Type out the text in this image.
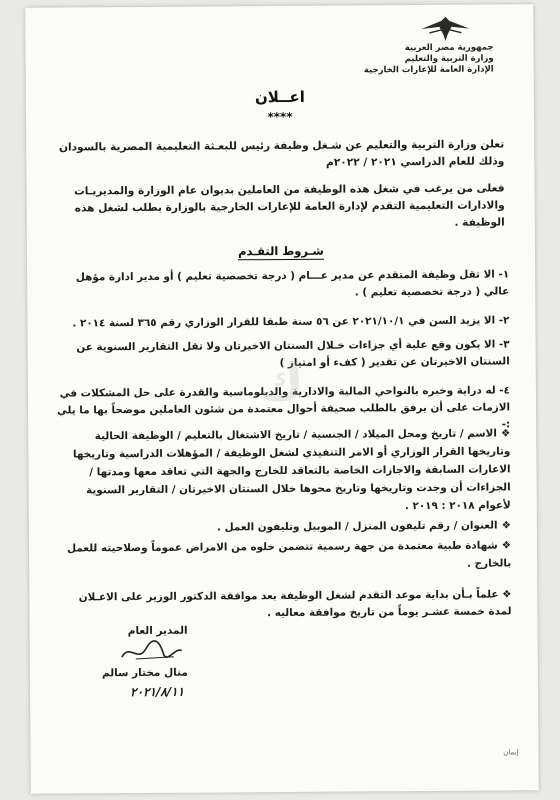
جمهورية مصر العربية
وزارة التربية والتعليم
الإدارة العامة للإعارات الخارجية
اعــلان
****
تعلن وزارة التربية والتعليم عن شـغل وظيفة رئيس للبعـثة التعليمية المصرية بالسودان وذلك للعام الدراسي ٢٠٢١ / ٢٠٢٢م
فعلى من يرغب في شغل هذه الوظيفة من العاملين بديوان عام الوزارة والمديريـات والادارات التعليمية التقدم لإدارة العامة للإعارات الخارجية بالوزارة بطلب لشغل هذه الوظيفة .
شـروط التقـدم
١- الا تقل وظيفة المتقدم عن مدير عـــام ( درجة تخصصية تعليم ) أو مدير ادارة مؤهل عالي ( درجة تخصصية تعليم ) .
٢- الا يزيد السن في ٢٠٢١/١٠/١ عن ٥٦ سنة طبقا للقرار الوزاري رقم ٣٦٥ لسنة ٢٠١٤ .
٣- الا يكون وقع علية أي جزاءات خـلال السنتان الاخيرتان ولا تقل التقارير السنوية عن السنتان الاخيرتان عن تقدير ( كفء أو امتياز )
٤- له دراية وخبره بالنواحي المالية والادارية والدبلوماسية والقدرة على حل المشكلات في الازمات على أن يرفق بالطلب صحيفة أحوال معتمدة من شئون العاملين موضحاً بها ما يلي :-
ك
❖الاسم / تاريخ ومحل الميلاد / الجنسية / تاريخ الاشتغال بالتعليم / الوظيفة الحالية وتاريخها القرار الوزاري أو الامر التنفيذي لشغل الوظيفة / المؤهلات الدراسية وتاريخها الاعارات السابقة والاجازات الخاصة بالتعاقد للخارج والجهة التي تعاقد معها ومدتها / الجزاءات أن وجدت وتاريخها وتاريخ محوها خلال السنتان الاخيرتان / التقارير السنوية لأعوام ٢٠١٨ : ٢٠١٩ .
❖العنوان / رقم تليفون المنزل / الموبيل وتليفون العمل .
❖شهادة طبية معتمدة من جهة رسمية تتضمن خلوه من الامراض عموماً وصلاحيته للعمل بالخارج .
❖ علماً بـأن بداية موعد التقدم لشغل الوظيفة بعد موافقة الدكتور الوزير على الاعـلان
لمدة خمسة عشـر يوماً من تاريخ موافقة معاليه .
المدير العام
منال مختار سالم
٢٠٢١/٨/١١
إيمان
